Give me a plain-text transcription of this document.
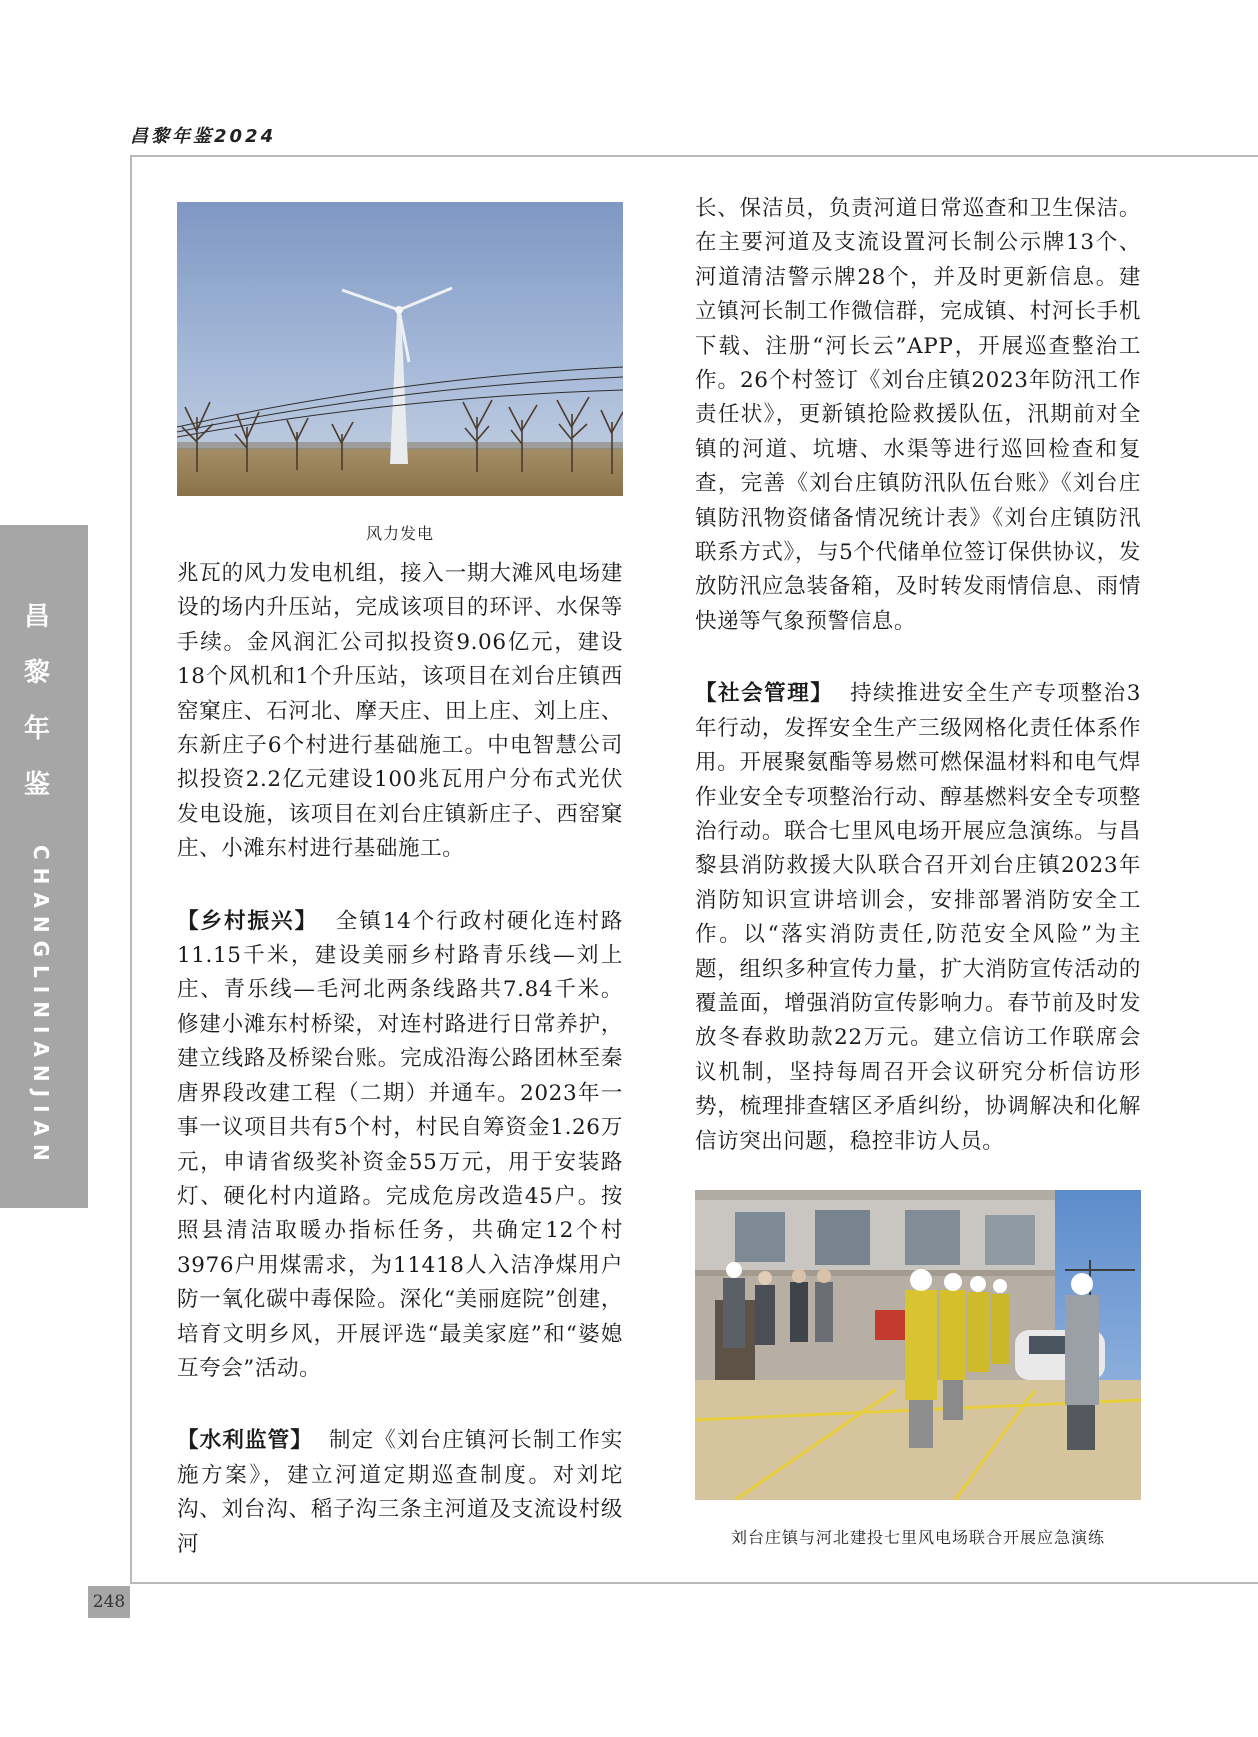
昌黎年鉴2024
昌
黎
年
鉴
CHANGLINIANJIAN
248
风力发电

兆瓦的风力发电机组，接入一期大滩风电场建设的场内升压站，完成该项目的环评、水保等手续。金风润汇公司拟投资9.06亿元，建设18个风机和1个升压站，该项目在刘台庄镇西窑窠庄、石河北、摩天庄、田上庄、刘上庄、东新庄子6个村进行基础施工。中电智慧公司拟投资2.2亿元建设100兆瓦用户分布式光伏发电设施，该项目在刘台庄镇新庄子、西窑窠庄、小滩东村进行基础施工。

【乡村振兴】 全镇14个行政村硬化连村路11.15千米，建设美丽乡村路青乐线—刘上庄、青乐线—毛河北两条线路共7.84千米。修建小滩东村桥梁，对连村路进行日常养护，建立线路及桥梁台账。完成沿海公路团林至秦唐界段改建工程（二期）并通车。2023年一事一议项目共有5个村，村民自筹资金1.26万元，申请省级奖补资金55万元，用于安装路灯、硬化村内道路。完成危房改造45户。按照县清洁取暖办指标任务，共确定12个村3976户用煤需求，为11418人入洁净煤用户防一氧化碳中毒保险。深化“美丽庭院”创建，培育文明乡风，开展评选“最美家庭”和“婆媳互夸会”活动。

【水利监管】 制定《刘台庄镇河长制工作实施方案》，建立河道定期巡查制度。对刘坨沟、刘台沟、稻子沟三条主河道及支流设村级河

长、保洁员，负责河道日常巡查和卫生保洁。在主要河道及支流设置河长制公示牌13个、河道清洁警示牌28个，并及时更新信息。建立镇河长制工作微信群，完成镇、村河长手机下载、注册“河长云”APP，开展巡查整治工作。26个村签订《刘台庄镇2023年防汛工作责任状》，更新镇抢险救援队伍，汛期前对全镇的河道、坑塘、水渠等进行巡回检查和复查，完善《刘台庄镇防汛队伍台账》《刘台庄镇防汛物资储备情况统计表》《刘台庄镇防汛联系方式》，与5个代储单位签订保供协议，发放防汛应急装备箱，及时转发雨情信息、雨情快递等气象预警信息。

【社会管理】 持续推进安全生产专项整治3年行动，发挥安全生产三级网格化责任体系作用。开展聚氨酯等易燃可燃保温材料和电气焊作业安全专项整治行动、醇基燃料安全专项整治行动。联合七里风电场开展应急演练。与昌黎县消防救援大队联合召开刘台庄镇2023年消防知识宣讲培训会，安排部署消防安全工作。以“落实消防责任,防范安全风险”为主题，组织多种宣传力量，扩大消防宣传活动的覆盖面，增强消防宣传影响力。春节前及时发放冬春救助款22万元。建立信访工作联席会议机制，坚持每周召开会议研究分析信访形势，梳理排查辖区矛盾纠纷，协调解决和化解信访突出问题，稳控非访人员。

刘台庄镇与河北建投七里风电场联合开展应急演练
